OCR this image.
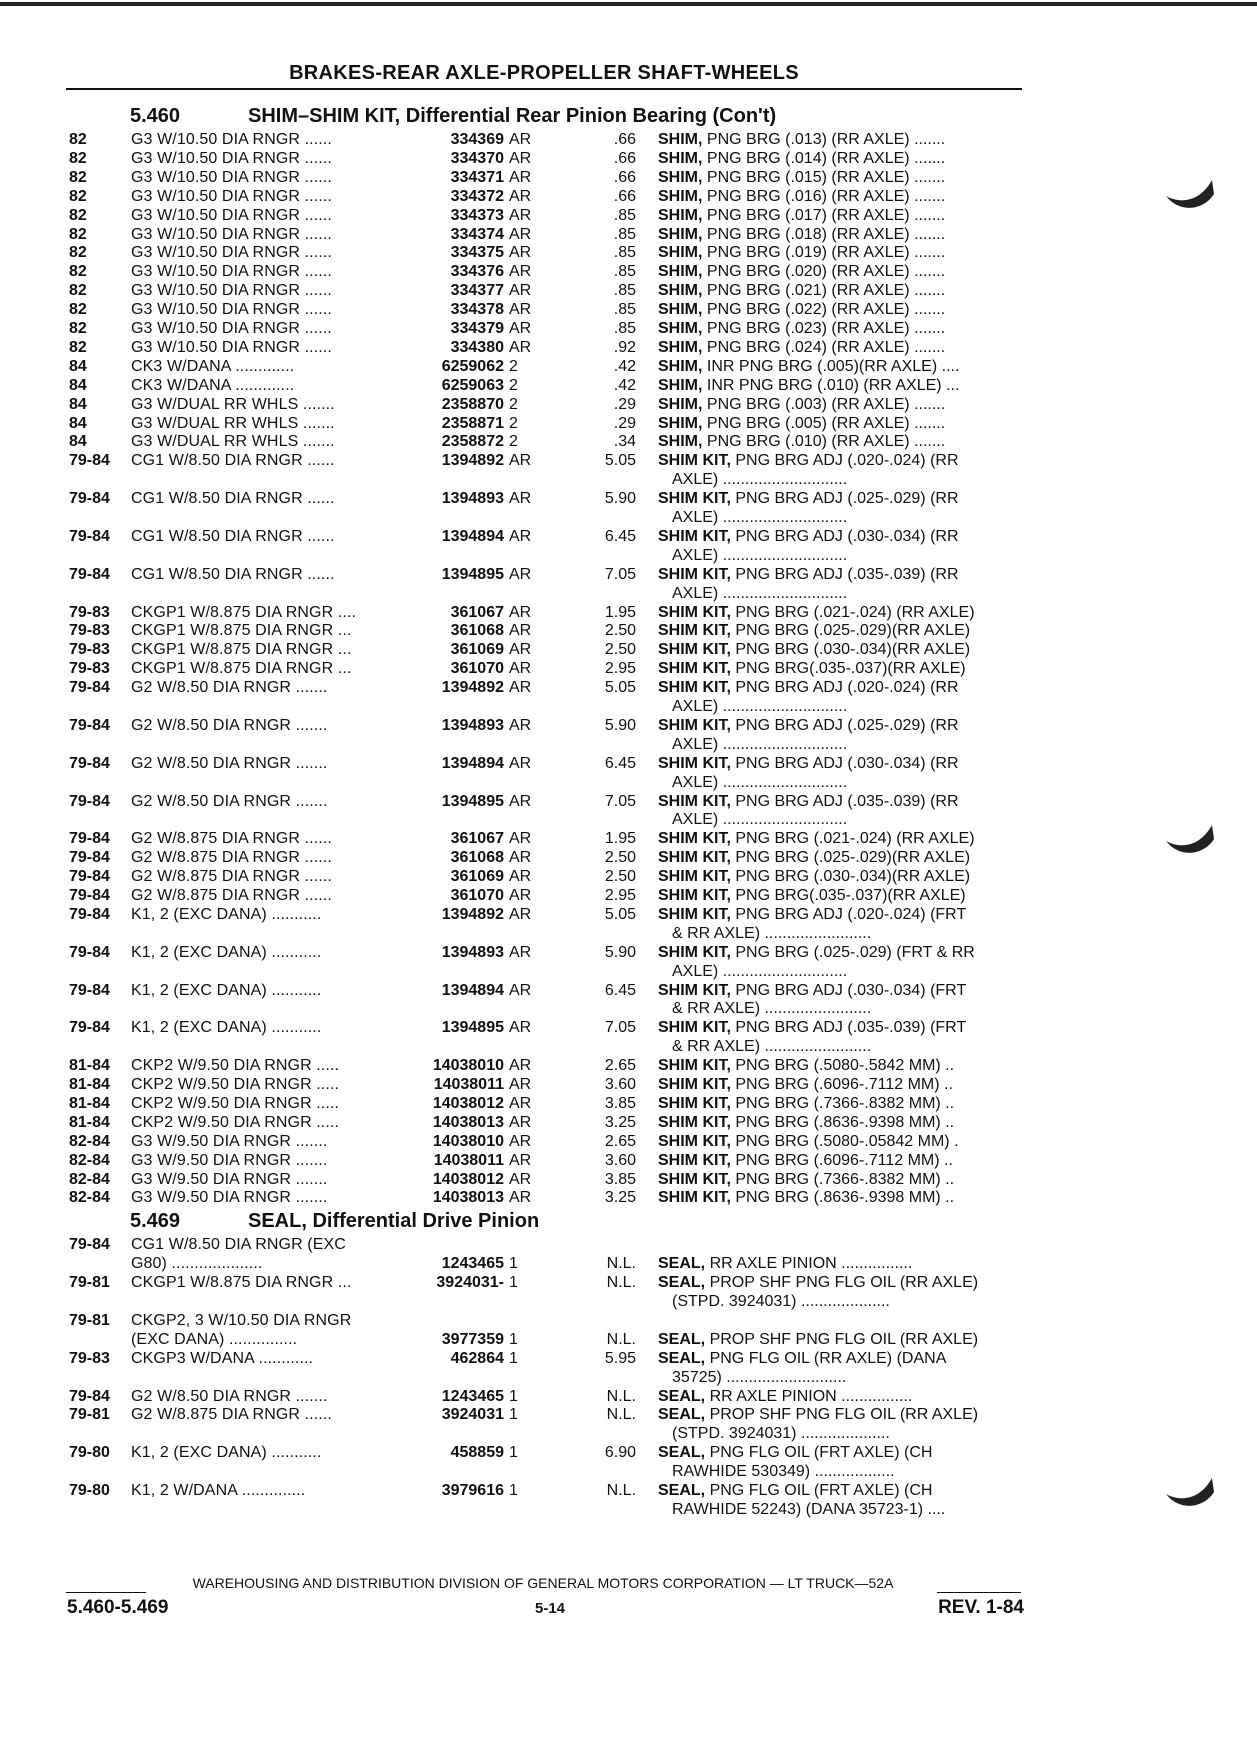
BRAKES-REAR AXLE-PROPELLER SHAFT-WHEELS
5.460	SHIM–SHIM KIT, Differential Rear Pinion Bearing (Con't)
82	G3 W/10.50 DIA RNGR ......	334369 AR	.66 SHIM, PNG BRG (.013) (RR AXLE) .......
82	G3 W/10.50 DIA RNGR ......	334370 AR	.66 SHIM, PNG BRG (.014) (RR AXLE) .......
82	G3 W/10.50 DIA RNGR ......	334371 AR	.66 SHIM, PNG BRG (.015) (RR AXLE) .......
82	G3 W/10.50 DIA RNGR ......	334372 AR	.66 SHIM, PNG BRG (.016) (RR AXLE) .......
82	G3 W/10.50 DIA RNGR ......	334373 AR	.85 SHIM, PNG BRG (.017) (RR AXLE) .......
82	G3 W/10.50 DIA RNGR ......	334374 AR	.85 SHIM, PNG BRG (.018) (RR AXLE) .......
82	G3 W/10.50 DIA RNGR ......	334375 AR	.85 SHIM, PNG BRG (.019) (RR AXLE) .......
82	G3 W/10.50 DIA RNGR ......	334376 AR	.85 SHIM, PNG BRG (.020) (RR AXLE) .......
82	G3 W/10.50 DIA RNGR ......	334377 AR	.85 SHIM, PNG BRG (.021) (RR AXLE) .......
82	G3 W/10.50 DIA RNGR ......	334378 AR	.85 SHIM, PNG BRG (.022) (RR AXLE) .......
82	G3 W/10.50 DIA RNGR ......	334379 AR	.85 SHIM, PNG BRG (.023) (RR AXLE) .......
82	G3 W/10.50 DIA RNGR ......	334380 AR	.92 SHIM, PNG BRG (.024) (RR AXLE) .......
84	CK3 W/DANA .............	6259062 2	.42 SHIM, INR PNG BRG (.005)(RR AXLE) ....
84	CK3 W/DANA .............	6259063 2	.42 SHIM, INR PNG BRG (.010) (RR AXLE) ...
84	G3 W/DUAL RR WHLS .......	2358870 2	.29 SHIM, PNG BRG (.003) (RR AXLE) .......
84	G3 W/DUAL RR WHLS .......	2358871 2	.29 SHIM, PNG BRG (.005) (RR AXLE) .......
84	G3 W/DUAL RR WHLS .......	2358872 2	.34 SHIM, PNG BRG (.010) (RR AXLE) .......
79-84	CG1 W/8.50 DIA RNGR ......	1394892 AR	5.05 SHIM KIT, PNG BRG ADJ (.020-.024) (RR
AXLE) ............................
79-84	CG1 W/8.50 DIA RNGR ......	1394893 AR	5.90 SHIM KIT, PNG BRG ADJ (.025-.029) (RR
AXLE) ............................
79-84	CG1 W/8.50 DIA RNGR ......	1394894 AR	6.45 SHIM KIT, PNG BRG ADJ (.030-.034) (RR
AXLE) ............................
79-84	CG1 W/8.50 DIA RNGR ......	1394895 AR	7.05 SHIM KIT, PNG BRG ADJ (.035-.039) (RR
AXLE) ............................
79-83	CKGP1 W/8.875 DIA RNGR ....	361067 AR	1.95 SHIM KIT, PNG BRG (.021-.024) (RR AXLE)
79-83	CKGP1 W/8.875 DIA RNGR ...	361068 AR	2.50 SHIM KIT, PNG BRG (.025-.029)(RR AXLE)
79-83	CKGP1 W/8.875 DIA RNGR ...	361069 AR	2.50 SHIM KIT, PNG BRG (.030-.034)(RR AXLE)
79-83	CKGP1 W/8.875 DIA RNGR ...	361070 AR	2.95 SHIM KIT, PNG BRG(.035-.037)(RR AXLE)
79-84	G2 W/8.50 DIA RNGR .......	1394892 AR	5.05 SHIM KIT, PNG BRG ADJ (.020-.024) (RR
AXLE) ............................
79-84	G2 W/8.50 DIA RNGR .......	1394893 AR	5.90 SHIM KIT, PNG BRG ADJ (.025-.029) (RR
AXLE) ............................
79-84	G2 W/8.50 DIA RNGR .......	1394894 AR	6.45 SHIM KIT, PNG BRG ADJ (.030-.034) (RR
AXLE) ............................
79-84	G2 W/8.50 DIA RNGR .......	1394895 AR	7.05 SHIM KIT, PNG BRG ADJ (.035-.039) (RR
AXLE) ............................
79-84	G2 W/8.875 DIA RNGR ......	361067 AR	1.95 SHIM KIT, PNG BRG (.021-.024) (RR AXLE)
79-84	G2 W/8.875 DIA RNGR ......	361068 AR	2.50 SHIM KIT, PNG BRG (.025-.029)(RR AXLE)
79-84	G2 W/8.875 DIA RNGR ......	361069 AR	2.50 SHIM KIT, PNG BRG (.030-.034)(RR AXLE)
79-84	G2 W/8.875 DIA RNGR ......	361070 AR	2.95 SHIM KIT, PNG BRG(.035-.037)(RR AXLE)
79-84	K1, 2 (EXC DANA) ...........	1394892 AR	5.05 SHIM KIT, PNG BRG ADJ (.020-.024) (FRT
& RR AXLE) ........................
79-84	K1, 2 (EXC DANA) ...........	1394893 AR	5.90 SHIM KIT, PNG BRG (.025-.029) (FRT & RR
AXLE) ............................
79-84	K1, 2 (EXC DANA) ...........	1394894 AR	6.45 SHIM KIT, PNG BRG ADJ (.030-.034) (FRT
& RR AXLE) ........................
79-84	K1, 2 (EXC DANA) ...........	1394895 AR	7.05 SHIM KIT, PNG BRG ADJ (.035-.039) (FRT
& RR AXLE) ........................
81-84	CKP2 W/9.50 DIA RNGR .....	14038010 AR	2.65 SHIM KIT, PNG BRG (.5080-.5842 MM) ..
81-84	CKP2 W/9.50 DIA RNGR .....	14038011 AR	3.60 SHIM KIT, PNG BRG (.6096-.7112 MM) ..
81-84	CKP2 W/9.50 DIA RNGR .....	14038012 AR	3.85 SHIM KIT, PNG BRG (.7366-.8382 MM) ..
81-84	CKP2 W/9.50 DIA RNGR .....	14038013 AR	3.25 SHIM KIT, PNG BRG (.8636-.9398 MM) ..
82-84	G3 W/9.50 DIA RNGR .......	14038010 AR	2.65 SHIM KIT, PNG BRG (.5080-.05842 MM) .
82-84	G3 W/9.50 DIA RNGR .......	14038011 AR	3.60 SHIM KIT, PNG BRG (.6096-.7112 MM) ..
82-84	G3 W/9.50 DIA RNGR .......	14038012 AR	3.85 SHIM KIT, PNG BRG (.7366-.8382 MM) ..
82-84	G3 W/9.50 DIA RNGR .......	14038013 AR	3.25 SHIM KIT, PNG BRG (.8636-.9398 MM) ..
5.469	SEAL, Differential Drive Pinion
79-84	CG1 W/8.50 DIA RNGR (EXC
G80) ....................	1243465 1	N.L. SEAL, RR AXLE PINION ................
79-81	CKGP1 W/8.875 DIA RNGR ...	3924031- 1	N.L. SEAL, PROP SHF PNG FLG OIL (RR AXLE)
(STPD. 3924031) ....................
79-81	CKGP2, 3 W/10.50 DIA RNGR
(EXC DANA) ...............	3977359 1	N.L. SEAL, PROP SHF PNG FLG OIL (RR AXLE)
79-83	CKGP3 W/DANA ............	462864 1	5.95 SEAL, PNG FLG OIL (RR AXLE) (DANA
35725) ...........................
79-84	G2 W/8.50 DIA RNGR .......	1243465 1	N.L. SEAL, RR AXLE PINION ................
79-81	G2 W/8.875 DIA RNGR ......	3924031 1	N.L. SEAL, PROP SHF PNG FLG OIL (RR AXLE)
(STPD. 3924031) ....................
79-80	K1, 2 (EXC DANA) ...........	458859 1	6.90 SEAL, PNG FLG OIL (FRT AXLE) (CH
RAWHIDE 530349) ..................
79-80	K1, 2 W/DANA ..............	3979616 1	N.L. SEAL, PNG FLG OIL (FRT AXLE) (CH
RAWHIDE 52243) (DANA 35723-1) ....
WAREHOUSING AND DISTRIBUTION DIVISION OF GENERAL MOTORS CORPORATION — LT TRUCK—52A
5.460-5.469	5-14	REV. 1-84
